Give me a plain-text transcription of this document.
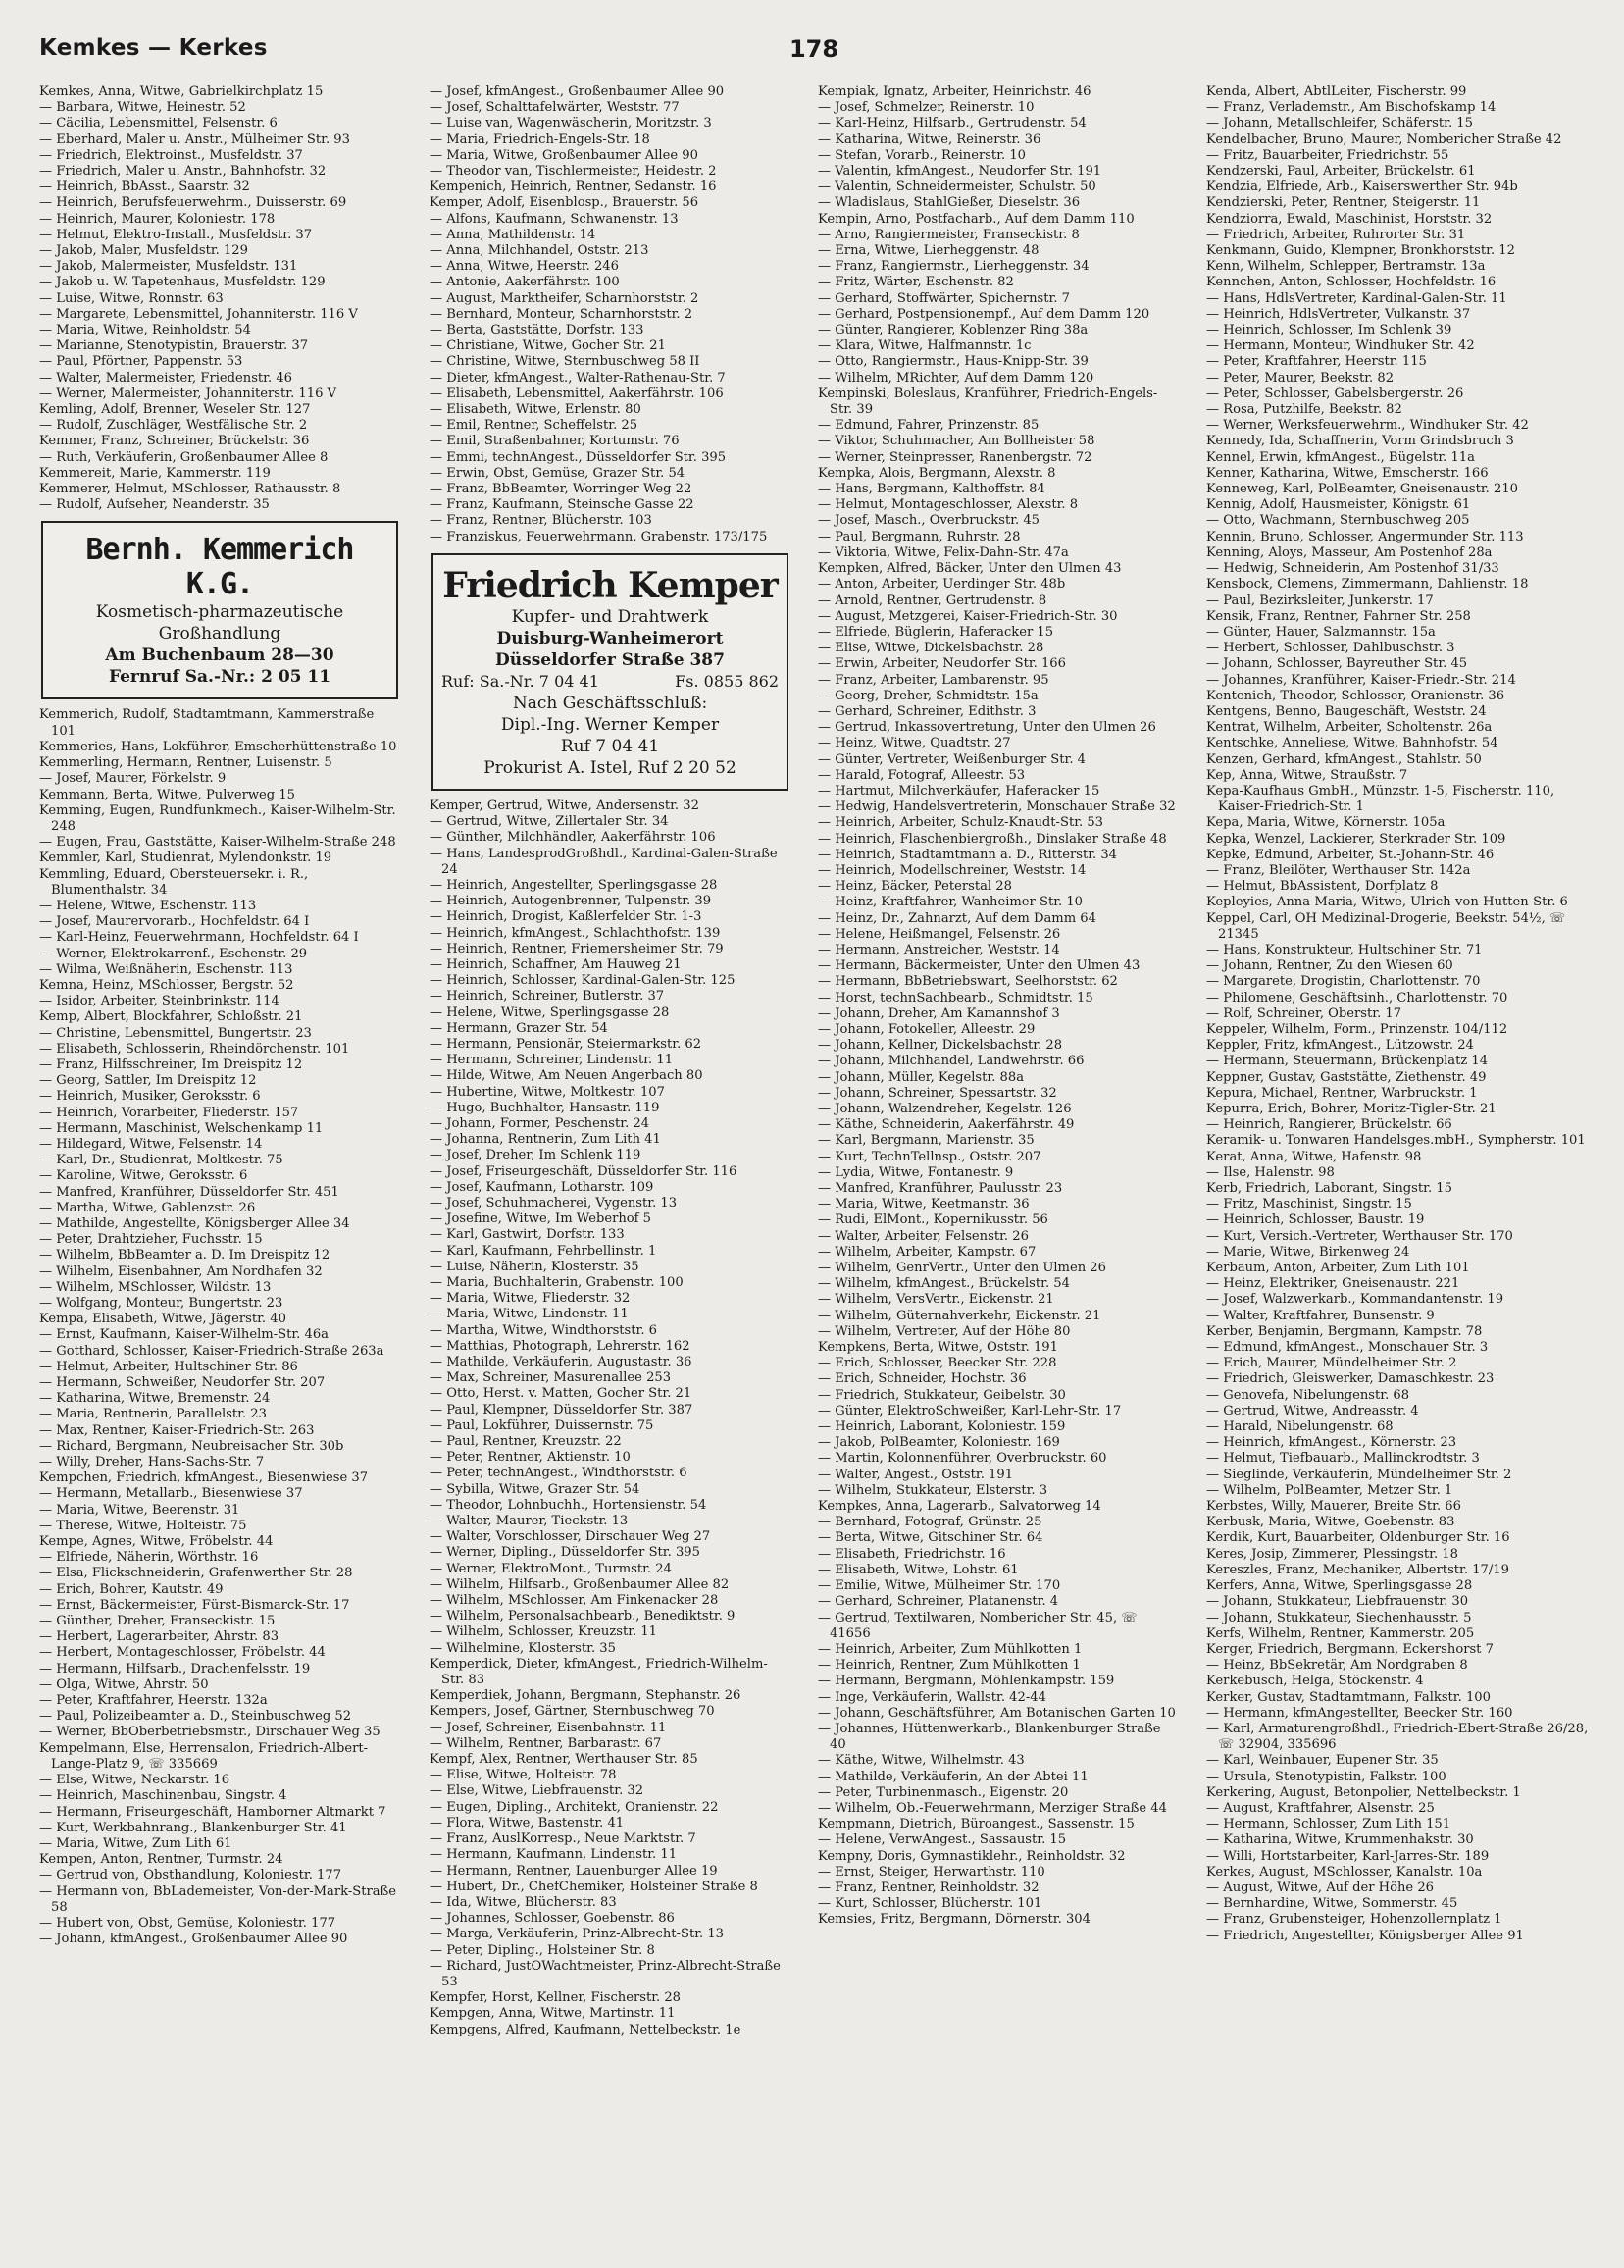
Kemkes — Kerkes	178

Kemkes, Anna, Witwe, Gabrielkirchplatz 15

— Barbara, Witwe, Heinestr. 52

— Cäcilia, Lebensmittel, Felsenstr. 6

— Eberhard, Maler u. Anstr., Mülheimer Str. 93

— Friedrich, Elektroinst., Musfeldstr. 37

— Friedrich, Maler u. Anstr., Bahnhofstr. 32

— Heinrich, BbAsst., Saarstr. 32

— Heinrich, Berufsfeuerwehrm., Duisserstr. 69

— Heinrich, Maurer, Koloniestr. 178

— Helmut, Elektro-Install., Musfeldstr. 37

— Jakob, Maler, Musfeldstr. 129

— Jakob, Malermeister, Musfeldstr. 131

— Jakob u. W. Tapetenhaus, Musfeldstr. 129

— Luise, Witwe, Ronnstr. 63

— Margarete, Lebensmittel, Johanniterstr. 116 V

— Maria, Witwe, Reinholdstr. 54

— Marianne, Stenotypistin, Brauerstr. 37

— Paul, Pförtner, Pappenstr. 53

— Walter, Malermeister, Friedenstr. 46

— Werner, Malermeister, Johanniterstr. 116 V

Kemling, Adolf, Brenner, Weseler Str. 127

— Rudolf, Zuschläger, Westfälische Str. 2

Kemmer, Franz, Schreiner, Brückelstr. 36

— Ruth, Verkäuferin, Großenbaumer Allee 8

Kemmereit, Marie, Kammerstr. 119

Kemmerer, Helmut, MSchlosser, Rathausstr. 8

— Rudolf, Aufseher, Neanderstr. 35

Bernh. Kemmerich K.G.
Kosmetisch-pharmazeutische
Großhandlung
Am Buchenbaum 28—30
Fernruf Sa.-Nr.: 2 05 11

Kemmerich, Rudolf, Stadtamtmann, Kammerstraße 101

Kemmeries, Hans, Lokführer, Emscherhüttenstraße 10

Kemmerling, Hermann, Rentner, Luisenstr. 5

— Josef, Maurer, Förkelstr. 9

Kemmann, Berta, Witwe, Pulverweg 15

Kemming, Eugen, Rundfunkmech., Kaiser-Wilhelm-Str. 248

— Eugen, Frau, Gaststätte, Kaiser-Wilhelm-Straße 248

Kemmler, Karl, Studienrat, Mylendonkstr. 19

Kemmling, Eduard, Obersteuersekr. i. R., Blumenthalstr. 34

— Helene, Witwe, Eschenstr. 113

— Josef, Maurervorarb., Hochfeldstr. 64 I

— Karl-Heinz, Feuerwehrmann, Hochfeldstr. 64 I

— Werner, Elektrokarrenf., Eschenstr. 29

— Wilma, Weißnäherin, Eschenstr. 113

Kemna, Heinz, MSchlosser, Bergstr. 52

— Isidor, Arbeiter, Steinbrinkstr. 114

Kemp, Albert, Blockfahrer, Schloßstr. 21

— Christine, Lebensmittel, Bungertstr. 23

— Elisabeth, Schlosserin, Rheindörchenstr. 101

— Franz, Hilfsschreiner, Im Dreispitz 12

— Georg, Sattler, Im Dreispitz 12

— Heinrich, Musiker, Geroksstr. 6

— Heinrich, Vorarbeiter, Fliederstr. 157

— Hermann, Maschinist, Welschenkamp 11

— Hildegard, Witwe, Felsenstr. 14

— Karl, Dr., Studienrat, Moltkestr. 75

— Karoline, Witwe, Geroksstr. 6

— Manfred, Kranführer, Düsseldorfer Str. 451

— Martha, Witwe, Gablenzstr. 26

— Mathilde, Angestellte, Königsberger Allee 34

— Peter, Drahtzieher, Fuchsstr. 15

— Wilhelm, BbBeamter a. D. Im Dreispitz 12

— Wilhelm, Eisenbahner, Am Nordhafen 32

— Wilhelm, MSchlosser, Wildstr. 13

— Wolfgang, Monteur, Bungertstr. 23

Kempa, Elisabeth, Witwe, Jägerstr. 40

— Ernst, Kaufmann, Kaiser-Wilhelm-Str. 46a

— Gotthard, Schlosser, Kaiser-Friedrich-Straße 263a

— Helmut, Arbeiter, Hultschiner Str. 86

— Hermann, Schweißer, Neudorfer Str. 207

— Katharina, Witwe, Bremenstr. 24

— Maria, Rentnerin, Parallelstr. 23

— Max, Rentner, Kaiser-Friedrich-Str. 263

— Richard, Bergmann, Neubreisacher Str. 30b

— Willy, Dreher, Hans-Sachs-Str. 7

Kempchen, Friedrich, kfmAngest., Biesenwiese 37

— Hermann, Metallarb., Biesenwiese 37

— Maria, Witwe, Beerenstr. 31

— Therese, Witwe, Holteistr. 75

Kempe, Agnes, Witwe, Fröbelstr. 44

— Elfriede, Näherin, Wörthstr. 16

— Elsa, Flickschneiderin, Grafenwerther Str. 28

— Erich, Bohrer, Kautstr. 49

— Ernst, Bäckermeister, Fürst-Bismarck-Str. 17

— Günther, Dreher, Franseckistr. 15

— Herbert, Lagerarbeiter, Ahrstr. 83

— Herbert, Montageschlosser, Fröbelstr. 44

— Hermann, Hilfsarb., Drachenfelsstr. 19

— Olga, Witwe, Ahrstr. 50

— Peter, Kraftfahrer, Heerstr. 132a

— Paul, Polizeibeamter a. D., Steinbuschweg 52

— Werner, BbOberbetriebsmstr., Dirschauer Weg 35

Kempelmann, Else, Herrensalon, Friedrich-Albert-Lange-Platz 9, ☏ 335669

— Else, Witwe, Neckarstr. 16

— Heinrich, Maschinenbau, Singstr. 4

— Hermann, Friseurgeschäft, Hamborner Altmarkt 7

— Kurt, Werkbahnrang., Blankenburger Str. 41

— Maria, Witwe, Zum Lith 61

Kempen, Anton, Rentner, Turmstr. 24

— Gertrud von, Obsthandlung, Koloniestr. 177

— Hermann von, BbLademeister, Von-der-Mark-Straße 58

— Hubert von, Obst, Gemüse, Koloniestr. 177

— Johann, kfmAngest., Großenbaumer Allee 90

— Josef, kfmAngest., Großenbaumer Allee 90

— Josef, Schalttafelwärter, Weststr. 77

— Luise van, Wagenwäscherin, Moritzstr. 3

— Maria, Friedrich-Engels-Str. 18

— Maria, Witwe, Großenbaumer Allee 90

— Theodor van, Tischlermeister, Heidestr. 2

Kempenich, Heinrich, Rentner, Sedanstr. 16

Kemper, Adolf, Eisenblosp., Brauerstr. 56

— Alfons, Kaufmann, Schwanenstr. 13

— Anna, Mathildenstr. 14

— Anna, Milchhandel, Oststr. 213

— Anna, Witwe, Heerstr. 246

— Antonie, Aakerfährstr. 100

— August, Marktheifer, Scharnhorststr. 2

— Bernhard, Monteur, Scharnhorststr. 2

— Berta, Gaststätte, Dorfstr. 133

— Christiane, Witwe, Gocher Str. 21

— Christine, Witwe, Sternbuschweg 58 II

— Dieter, kfmAngest., Walter-Rathenau-Str. 7

— Elisabeth, Lebensmittel, Aakerfährstr. 106

— Elisabeth, Witwe, Erlenstr. 80

— Emil, Rentner, Scheffelstr. 25

— Emil, Straßenbahner, Kortumstr. 76

— Emmi, technAngest., Düsseldorfer Str. 395

— Erwin, Obst, Gemüse, Grazer Str. 54

— Franz, BbBeamter, Worringer Weg 22

— Franz, Kaufmann, Steinsche Gasse 22

— Franz, Rentner, Blücherstr. 103

— Franziskus, Feuerwehrmann, Grabenstr. 173/175

Friedrich Kemper
Kupfer- und Drahtwerk
Duisburg-Wanheimerort
Düsseldorfer Straße 387
Ruf: Sa.-Nr. 7 04 41	Fs. 0855 862
Nach Geschäftsschluß:
Dipl.-Ing. Werner Kemper
Ruf 7 04 41
Prokurist A. Istel, Ruf 2 20 52

Kemper, Gertrud, Witwe, Andersenstr. 32

— Gertrud, Witwe, Zillertaler Str. 34

— Günther, Milchhändler, Aakerfährstr. 106

— Hans, LandesprodGroßhdl., Kardinal-Galen-Straße 24

— Heinrich, Angestellter, Sperlingsgasse 28

— Heinrich, Autogenbrenner, Tulpenstr. 39

— Heinrich, Drogist, Kaßlerfelder Str. 1-3

— Heinrich, kfmAngest., Schlachthofstr. 139

— Heinrich, Rentner, Friemersheimer Str. 79

— Heinrich, Schaffner, Am Hauweg 21

— Heinrich, Schlosser, Kardinal-Galen-Str. 125

— Heinrich, Schreiner, Butlerstr. 37

— Helene, Witwe, Sperlingsgasse 28

— Hermann, Grazer Str. 54

— Hermann, Pensionär, Steiermarkstr. 62

— Hermann, Schreiner, Lindenstr. 11

— Hilde, Witwe, Am Neuen Angerbach 80

— Hubertine, Witwe, Moltkestr. 107

— Hugo, Buchhalter, Hansastr. 119

— Johann, Former, Peschenstr. 24

— Johanna, Rentnerin, Zum Lith 41

— Josef, Dreher, Im Schlenk 119

— Josef, Friseurgeschäft, Düsseldorfer Str. 116

— Josef, Kaufmann, Lotharstr. 109

— Josef, Schuhmacherei, Vygenstr. 13

— Josefine, Witwe, Im Weberhof 5

— Karl, Gastwirt, Dorfstr. 133

— Karl, Kaufmann, Fehrbellinstr. 1

— Luise, Näherin, Klosterstr. 35

— Maria, Buchhalterin, Grabenstr. 100

— Maria, Witwe, Fliederstr. 32

— Maria, Witwe, Lindenstr. 11

— Martha, Witwe, Windthorststr. 6

— Matthias, Photograph, Lehrerstr. 162

— Mathilde, Verkäuferin, Augustastr. 36

— Max, Schreiner, Masurenallee 253

— Otto, Herst. v. Matten, Gocher Str. 21

— Paul, Klempner, Düsseldorfer Str. 387

— Paul, Lokführer, Duissernstr. 75

— Paul, Rentner, Kreuzstr. 22

— Peter, Rentner, Aktienstr. 10

— Peter, technAngest., Windthorststr. 6

— Sybilla, Witwe, Grazer Str. 54

— Theodor, Lohnbuchh., Hortensienstr. 54

— Walter, Maurer, Tieckstr. 13

— Walter, Vorschlosser, Dirschauer Weg 27

— Werner, Dipling., Düsseldorfer Str. 395

— Werner, ElektroMont., Turmstr. 24

— Wilhelm, Hilfsarb., Großenbaumer Allee 82

— Wilhelm, MSchlosser, Am Finkenacker 28

— Wilhelm, Personalsachbearb., Benediktstr. 9

— Wilhelm, Schlosser, Kreuzstr. 11

— Wilhelmine, Klosterstr. 35

Kemperdick, Dieter, kfmAngest., Friedrich-Wilhelm-Str. 83

Kemperdiek, Johann, Bergmann, Stephanstr. 26

Kempers, Josef, Gärtner, Sternbuschweg 70

— Josef, Schreiner, Eisenbahnstr. 11

— Wilhelm, Rentner, Barbarastr. 67

Kempf, Alex, Rentner, Werthauser Str. 85

— Elise, Witwe, Holteistr. 78

— Else, Witwe, Liebfrauenstr. 32

— Eugen, Dipling., Architekt, Oranienstr. 22

— Flora, Witwe, Bastenstr. 41

— Franz, AuslKorresp., Neue Marktstr. 7

— Hermann, Kaufmann, Lindenstr. 11

— Hermann, Rentner, Lauenburger Allee 19

— Hubert, Dr., ChefChemiker, Holsteiner Straße 8

— Ida, Witwe, Blücherstr. 83

— Johannes, Schlosser, Goebenstr. 86

— Marga, Verkäuferin, Prinz-Albrecht-Str. 13

— Peter, Dipling., Holsteiner Str. 8

— Richard, JustOWachtmeister, Prinz-Albrecht-Straße 53

Kempfer, Horst, Kellner, Fischerstr. 28

Kempgen, Anna, Witwe, Martinstr. 11

Kempgens, Alfred, Kaufmann, Nettelbeckstr. 1e

Kempiak, Ignatz, Arbeiter, Heinrichstr. 46

— Josef, Schmelzer, Reinerstr. 10

— Karl-Heinz, Hilfsarb., Gertrudenstr. 54

— Katharina, Witwe, Reinerstr. 36

— Stefan, Vorarb., Reinerstr. 10

— Valentin, kfmAngest., Neudorfer Str. 191

— Valentin, Schneidermeister, Schulstr. 50

— Wladislaus, StahlGießer, Dieselstr. 36

Kempin, Arno, Postfacharb., Auf dem Damm 110

— Arno, Rangiermeister, Franseckistr. 8

— Erna, Witwe, Lierheggenstr. 48

— Franz, Rangiermstr., Lierheggenstr. 34

— Fritz, Wärter, Eschenstr. 82

— Gerhard, Stoffwärter, Spichernstr. 7

— Gerhard, Postpensionempf., Auf dem Damm 120

— Günter, Rangierer, Koblenzer Ring 38a

— Klara, Witwe, Halfmannstr. 1c

— Otto, Rangiermstr., Haus-Knipp-Str. 39

— Wilhelm, MRichter, Auf dem Damm 120

Kempinski, Boleslaus, Kranführer, Friedrich-Engels-Str. 39

— Edmund, Fahrer, Prinzenstr. 85

— Viktor, Schuhmacher, Am Bollheister 58

— Werner, Steinpresser, Ranenbergstr. 72

Kempka, Alois, Bergmann, Alexstr. 8

— Hans, Bergmann, Kalthoffstr. 84

— Helmut, Montageschlosser, Alexstr. 8

— Josef, Masch., Overbruckstr. 45

— Paul, Bergmann, Ruhrstr. 28

— Viktoria, Witwe, Felix-Dahn-Str. 47a

Kempken, Alfred, Bäcker, Unter den Ulmen 43

— Anton, Arbeiter, Uerdinger Str. 48b

— Arnold, Rentner, Gertrudenstr. 8

— August, Metzgerei, Kaiser-Friedrich-Str. 30

— Elfriede, Büglerin, Haferacker 15

— Elise, Witwe, Dickelsbachstr. 28

— Erwin, Arbeiter, Neudorfer Str. 166

— Franz, Arbeiter, Lambarenstr. 95

— Georg, Dreher, Schmidtstr. 15a

— Gerhard, Schreiner, Edithstr. 3

— Gertrud, Inkassovertretung, Unter den Ulmen 26

— Heinz, Witwe, Quadtstr. 27

— Günter, Vertreter, Weißenburger Str. 4

— Harald, Fotograf, Alleestr. 53

— Hartmut, Milchverkäufer, Haferacker 15

— Hedwig, Handelsvertreterin, Monschauer Straße 32

— Heinrich, Arbeiter, Schulz-Knaudt-Str. 53

— Heinrich, Flaschenbiergroßh., Dinslaker Straße 48

— Heinrich, Stadtamtmann a. D., Ritterstr. 34

— Heinrich, Modellschreiner, Weststr. 14

— Heinz, Bäcker, Peterstal 28

— Heinz, Kraftfahrer, Wanheimer Str. 10

— Heinz, Dr., Zahnarzt, Auf dem Damm 64

— Helene, Heißmangel, Felsenstr. 26

— Hermann, Anstreicher, Weststr. 14

— Hermann, Bäckermeister, Unter den Ulmen 43

— Hermann, BbBetriebswart, Seelhorststr. 62

— Horst, technSachbearb., Schmidtstr. 15

— Johann, Dreher, Am Kamannshof 3

— Johann, Fotokeller, Alleestr. 29

— Johann, Kellner, Dickelsbachstr. 28

— Johann, Milchhandel, Landwehrstr. 66

— Johann, Müller, Kegelstr. 88a

— Johann, Schreiner, Spessartstr. 32

— Johann, Walzendreher, Kegelstr. 126

— Käthe, Schneiderin, Aakerfährstr. 49

— Karl, Bergmann, Marienstr. 35

— Kurt, TechnTellnsp., Oststr. 207

— Lydia, Witwe, Fontanestr. 9

— Manfred, Kranführer, Paulusstr. 23

— Maria, Witwe, Keetmanstr. 36

— Rudi, ElMont., Kopernikusstr. 56

— Walter, Arbeiter, Felsenstr. 26

— Wilhelm, Arbeiter, Kampstr. 67

— Wilhelm, GenrVertr., Unter den Ulmen 26

— Wilhelm, kfmAngest., Brückelstr. 54

— Wilhelm, VersVertr., Eickenstr. 21

— Wilhelm, Güternahverkehr, Eickenstr. 21

— Wilhelm, Vertreter, Auf der Höhe 80

Kempkens, Berta, Witwe, Oststr. 191

— Erich, Schlosser, Beecker Str. 228

— Erich, Schneider, Hochstr. 36

— Friedrich, Stukkateur, Geibelstr. 30

— Günter, ElektroSchweißer, Karl-Lehr-Str. 17

— Heinrich, Laborant, Koloniestr. 159

— Jakob, PolBeamter, Koloniestr. 169

— Martin, Kolonnenführer, Overbruckstr. 60

— Walter, Angest., Oststr. 191

— Wilhelm, Stukkateur, Elsterstr. 3

Kempkes, Anna, Lagerarb., Salvatorweg 14

— Bernhard, Fotograf, Grünstr. 25

— Berta, Witwe, Gitschiner Str. 64

— Elisabeth, Friedrichstr. 16

— Elisabeth, Witwe, Lohstr. 61

— Emilie, Witwe, Mülheimer Str. 170

— Gerhard, Schreiner, Platanenstr. 4

— Gertrud, Textilwaren, Nombericher Str. 45, ☏ 41656

— Heinrich, Arbeiter, Zum Mühlkotten 1

— Heinrich, Rentner, Zum Mühlkotten 1

— Hermann, Bergmann, Möhlenkampstr. 159

— Inge, Verkäuferin, Wallstr. 42-44

— Johann, Geschäftsführer, Am Botanischen Garten 10

— Johannes, Hüttenwerkarb., Blankenburger Straße 40

— Käthe, Witwe, Wilhelmstr. 43

— Mathilde, Verkäuferin, An der Abtei 11

— Peter, Turbinenmasch., Eigenstr. 20

— Wilhelm, Ob.-Feuerwehrmann, Merziger Straße 44

Kempmann, Dietrich, Büroangest., Sassenstr. 15

— Helene, VerwAngest., Sassaustr. 15

Kempny, Doris, Gymnastiklehr., Reinholdstr. 32

— Ernst, Steiger, Herwarthstr. 110

— Franz, Rentner, Reinholdstr. 32

— Kurt, Schlosser, Blücherstr. 101

Kemsies, Fritz, Bergmann, Dörnerstr. 304

Kenda, Albert, AbtlLeiter, Fischerstr. 99

— Franz, Verlademstr., Am Bischofskamp 14

— Johann, Metallschleifer, Schäferstr. 15

Kendelbacher, Bruno, Maurer, Nombericher Straße 42

— Fritz, Bauarbeiter, Friedrichstr. 55

Kendzerski, Paul, Arbeiter, Brückelstr. 61

Kendzia, Elfriede, Arb., Kaiserswerther Str. 94b

Kendzierski, Peter, Rentner, Steigerstr. 11

Kendziorra, Ewald, Maschinist, Horststr. 32

— Friedrich, Arbeiter, Ruhrorter Str. 31

Kenkmann, Guido, Klempner, Bronkhorststr. 12

Kenn, Wilhelm, Schlepper, Bertramstr. 13a

Kennchen, Anton, Schlosser, Hochfeldstr. 16

— Hans, HdlsVertreter, Kardinal-Galen-Str. 11

— Heinrich, HdlsVertreter, Vulkanstr. 37

— Heinrich, Schlosser, Im Schlenk 39

— Hermann, Monteur, Windhuker Str. 42

— Peter, Kraftfahrer, Heerstr. 115

— Peter, Maurer, Beekstr. 82

— Peter, Schlosser, Gabelsbergerstr. 26

— Rosa, Putzhilfe, Beekstr. 82

— Werner, Werksfeuerwehrm., Windhuker Str. 42

Kennedy, Ida, Schaffnerin, Vorm Grindsbruch 3

Kennel, Erwin, kfmAngest., Bügelstr. 11a

Kenner, Katharina, Witwe, Emscherstr. 166

Kenneweg, Karl, PolBeamter, Gneisenaustr. 210

Kennig, Adolf, Hausmeister, Königstr. 61

— Otto, Wachmann, Sternbuschweg 205

Kennin, Bruno, Schlosser, Angermunder Str. 113

Kenning, Aloys, Masseur, Am Postenhof 28a

— Hedwig, Schneiderin, Am Postenhof 31/33

Kensbock, Clemens, Zimmermann, Dahlienstr. 18

— Paul, Bezirksleiter, Junkerstr. 17

Kensik, Franz, Rentner, Fahrner Str. 258

— Günter, Hauer, Salzmannstr. 15a

— Herbert, Schlosser, Dahlbuschstr. 3

— Johann, Schlosser, Bayreuther Str. 45

— Johannes, Kranführer, Kaiser-Friedr.-Str. 214

Kentenich, Theodor, Schlosser, Oranienstr. 36

Kentgens, Benno, Baugeschäft, Weststr. 24

Kentrat, Wilhelm, Arbeiter, Scholtenstr. 26a

Kentschke, Anneliese, Witwe, Bahnhofstr. 54

Kenzen, Gerhard, kfmAngest., Stahlstr. 50

Kep, Anna, Witwe, Straußstr. 7

Kepa-Kaufhaus GmbH., Münzstr. 1-5, Fischerstr. 110, Kaiser-Friedrich-Str. 1

Kepa, Maria, Witwe, Körnerstr. 105a

Kepka, Wenzel, Lackierer, Sterkrader Str. 109

Kepke, Edmund, Arbeiter, St.-Johann-Str. 46

— Franz, Bleilöter, Werthauser Str. 142a

— Helmut, BbAssistent, Dorfplatz 8

Kepleyies, Anna-Maria, Witwe, Ulrich-von-Hutten-Str. 6

Keppel, Carl, OH Medizinal-Drogerie, Beekstr. 54½, ☏ 21345

— Hans, Konstrukteur, Hultschiner Str. 71

— Johann, Rentner, Zu den Wiesen 60

— Margarete, Drogistin, Charlottenstr. 70

— Philomene, Geschäftsinh., Charlottenstr. 70

— Rolf, Schreiner, Oberstr. 17

Keppeler, Wilhelm, Form., Prinzenstr. 104/112

Keppler, Fritz, kfmAngest., Lützowstr. 24

— Hermann, Steuermann, Brückenplatz 14

Keppner, Gustav, Gaststätte, Ziethenstr. 49

Kepura, Michael, Rentner, Warbruckstr. 1

Kepurra, Erich, Bohrer, Moritz-Tigler-Str. 21

— Heinrich, Rangierer, Brückelstr. 66

Keramik- u. Tonwaren Handelsges.mbH., Sympherstr. 101

Kerat, Anna, Witwe, Hafenstr. 98

— Ilse, Halenstr. 98

Kerb, Friedrich, Laborant, Singstr. 15

— Fritz, Maschinist, Singstr. 15

— Heinrich, Schlosser, Baustr. 19

— Kurt, Versich.-Vertreter, Werthauser Str. 170

— Marie, Witwe, Birkenweg 24

Kerbaum, Anton, Arbeiter, Zum Lith 101

— Heinz, Elektriker, Gneisenaustr. 221

— Josef, Walzwerkarb., Kommandantenstr. 19

— Walter, Kraftfahrer, Bunsenstr. 9

Kerber, Benjamin, Bergmann, Kampstr. 78

— Edmund, kfmAngest., Monschauer Str. 3

— Erich, Maurer, Mündelheimer Str. 2

— Friedrich, Gleiswerker, Damaschkestr. 23

— Genovefa, Nibelungenstr. 68

— Gertrud, Witwe, Andreasstr. 4

— Harald, Nibelungenstr. 68

— Heinrich, kfmAngest., Körnerstr. 23

— Helmut, Tiefbauarb., Mallinckrodtstr. 3

— Sieglinde, Verkäuferin, Mündelheimer Str. 2

— Wilhelm, PolBeamter, Metzer Str. 1

Kerbstes, Willy, Mauerer, Breite Str. 66

Kerbusk, Maria, Witwe, Goebenstr. 83

Kerdik, Kurt, Bauarbeiter, Oldenburger Str. 16

Keres, Josip, Zimmerer, Plessingstr. 18

Kereszles, Franz, Mechaniker, Albertstr. 17/19

Kerfers, Anna, Witwe, Sperlingsgasse 28

— Johann, Stukkateur, Liebfrauenstr. 30

— Johann, Stukkateur, Siechenhausstr. 5

Kerfs, Wilhelm, Rentner, Kammerstr. 205

Kerger, Friedrich, Bergmann, Eckershorst 7

— Heinz, BbSekretär, Am Nordgraben 8

Kerkebusch, Helga, Stöckenstr. 4

Kerker, Gustav, Stadtamtmann, Falkstr. 100

— Hermann, kfmAngestellter, Beecker Str. 160

— Karl, Armaturengroßhdl., Friedrich-Ebert-Straße 26/28, ☏ 32904, 335696

— Karl, Weinbauer, Eupener Str. 35

— Ursula, Stenotypistin, Falkstr. 100

Kerkering, August, Betonpolier, Nettelbeckstr. 1

— August, Kraftfahrer, Alsenstr. 25

— Hermann, Schlosser, Zum Lith 151

— Katharina, Witwe, Krummenhakstr. 30

— Willi, Hortstarbeiter, Karl-Jarres-Str. 189

Kerkes, August, MSchlosser, Kanalstr. 10a

— August, Witwe, Auf der Höhe 26

— Bernhardine, Witwe, Sommerstr. 45

— Franz, Grubensteiger, Hohenzollernplatz 1

— Friedrich, Angestellter, Königsberger Allee 91
